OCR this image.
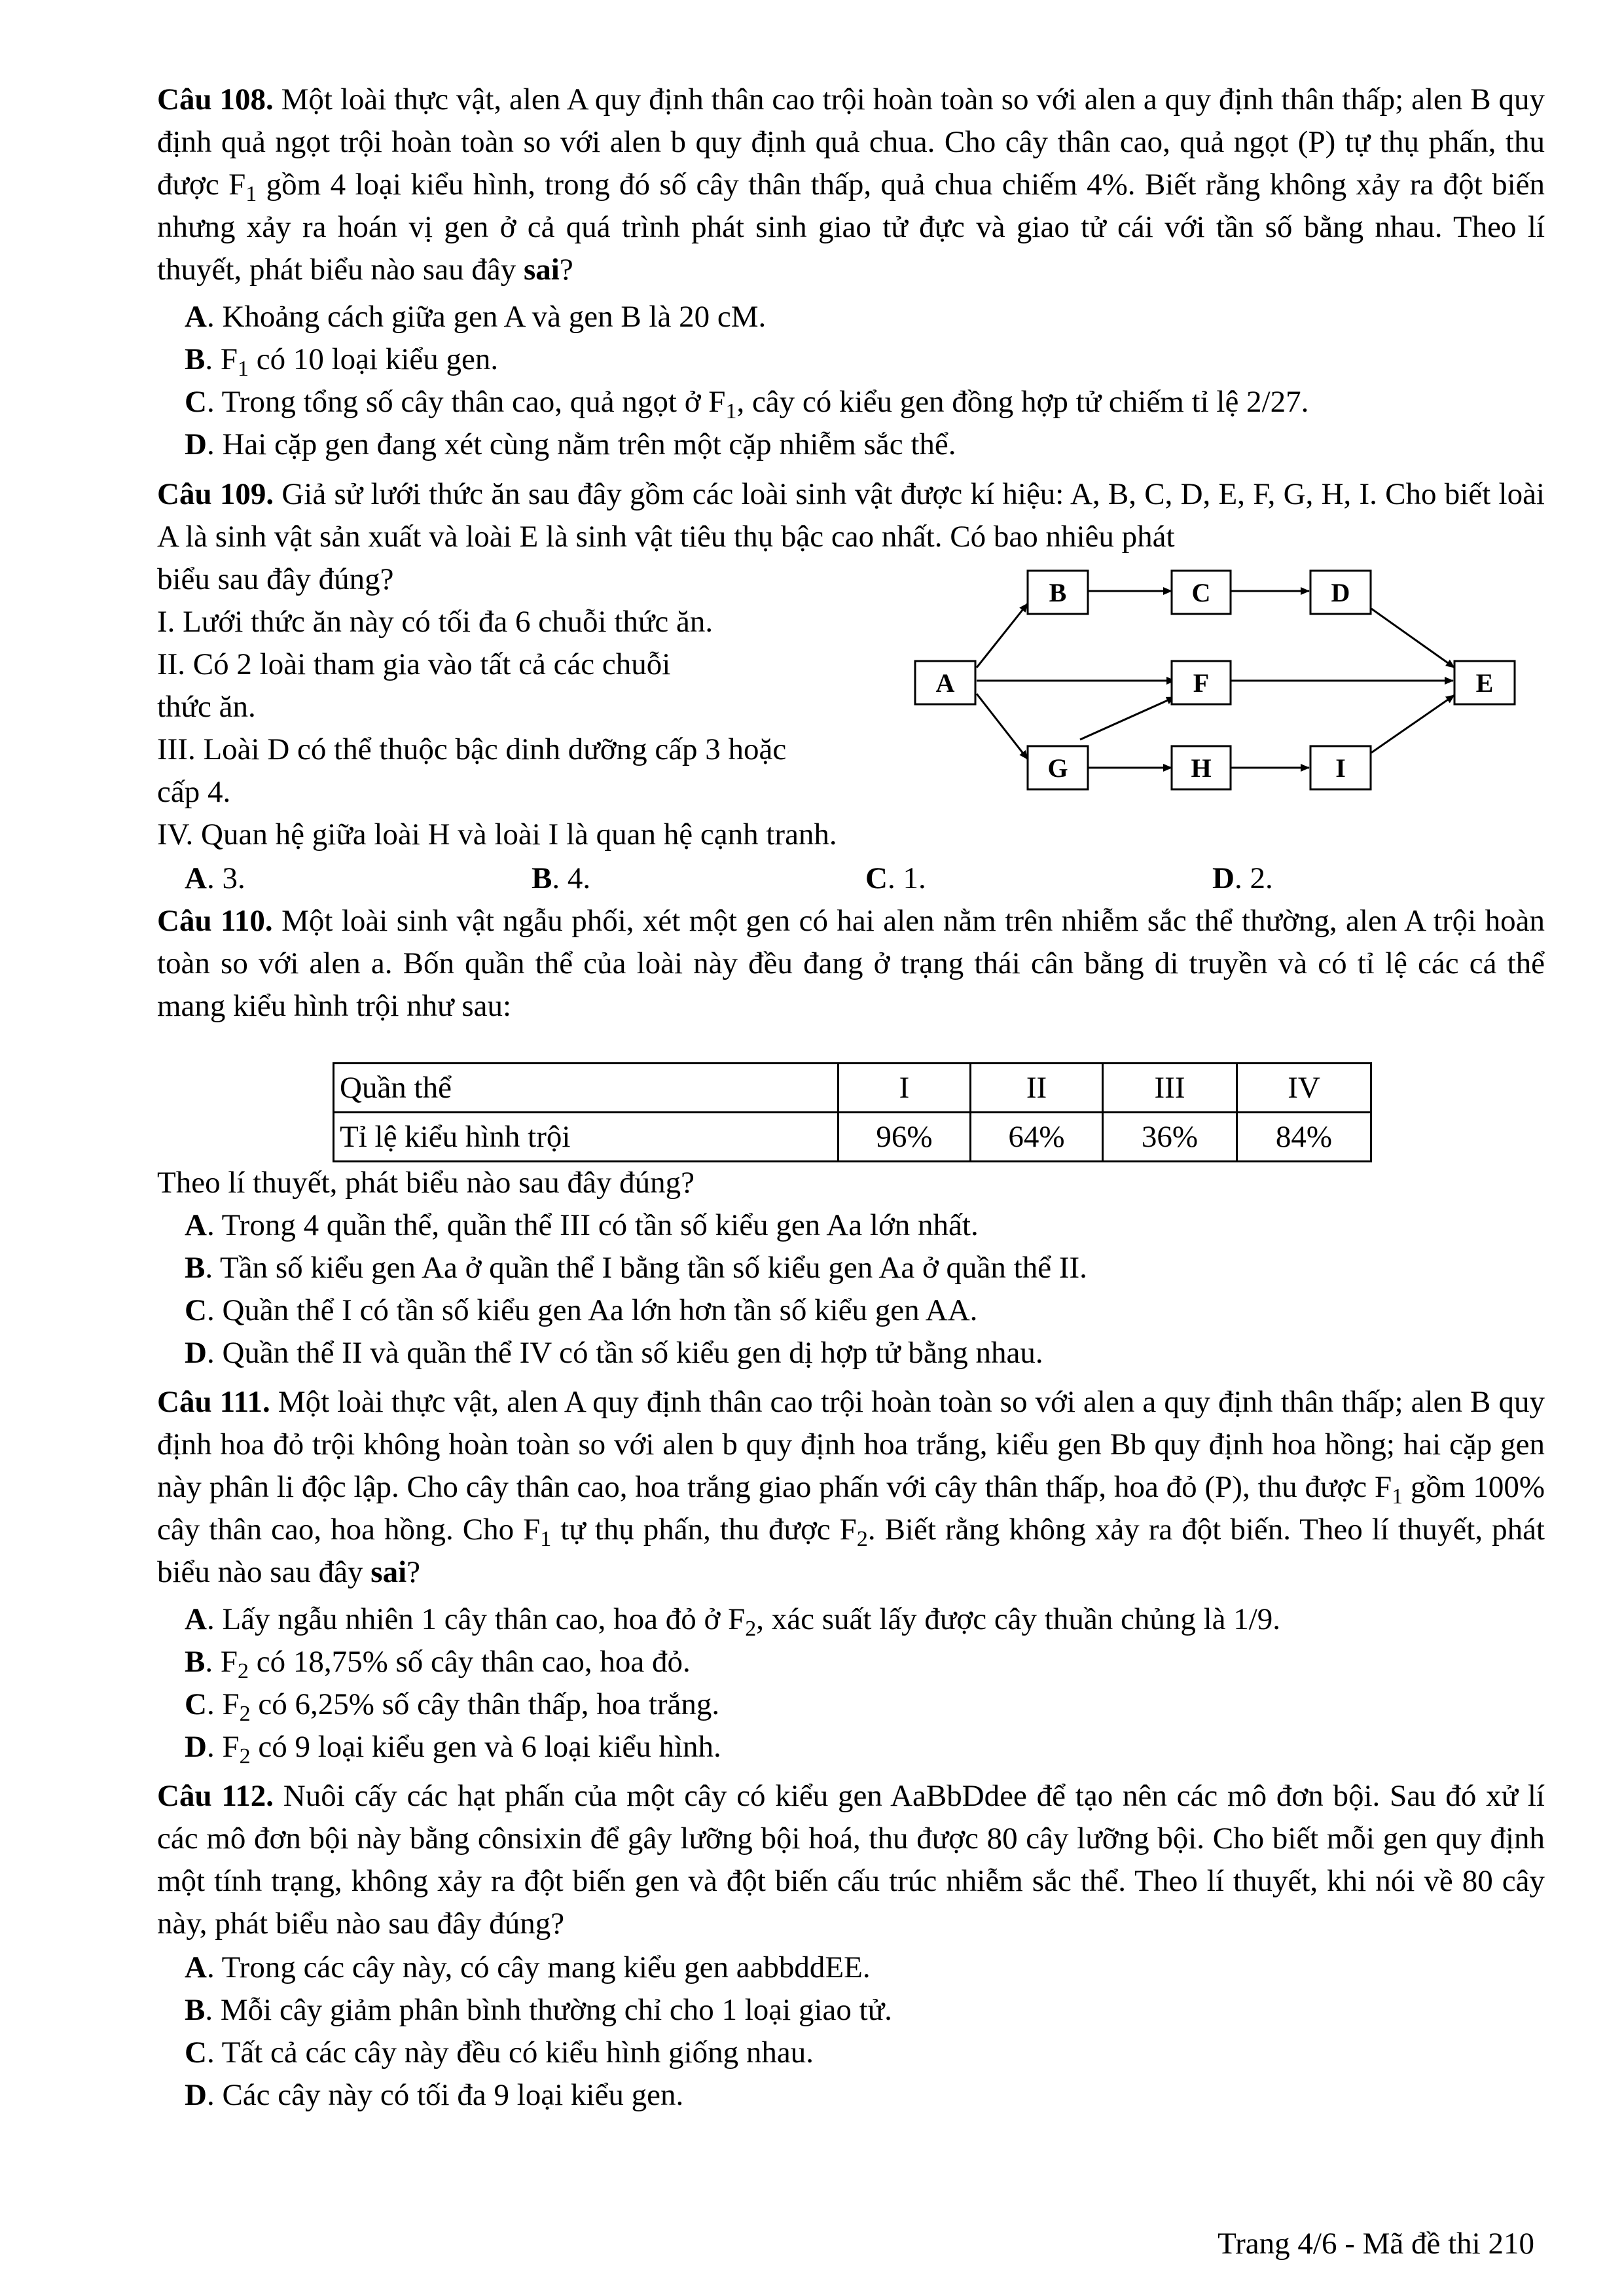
Câu 108. Một loài thực vật, alen A quy định thân cao trội hoàn toàn so với alen a quy định thân thấp; alen B quy định quả ngọt trội hoàn toàn so với alen b quy định quả chua. Cho cây thân cao, quả ngọt (P) tự thụ phấn, thu được $F_1$ gồm 4 loại kiểu hình, trong đó số cây thân thấp, quả chua chiếm 4%. Biết rằng không xảy ra đột biến nhưng xảy ra hoán vị gen ở cả quá trình phát sinh giao tử đực và giao tử cái với tần số bằng nhau. Theo lí thuyết, phát biểu nào sau đây sai?
A. Khoảng cách giữa gen A và gen B là 20 cM.
B. $F_1$ có 10 loại kiểu gen.
C. Trong tổng số cây thân cao, quả ngọt ở $F_1$, cây có kiểu gen đồng hợp tử chiếm tỉ lệ 2/27.
D. Hai cặp gen đang xét cùng nằm trên một cặp nhiễm sắc thể.
Câu 109. Giả sử lưới thức ăn sau đây gồm các loài sinh vật được kí hiệu: A, B, C, D, E, F, G, H, I. Cho biết loài A là sinh vật sản xuất và loài E là sinh vật tiêu thụ bậc cao nhất. Có bao nhiêu phát
biểu sau đây đúng?
I. Lưới thức ăn này có tối đa 6 chuỗi thức ăn.
II. Có 2 loài tham gia vào tất cả các chuỗi
thức ăn.
III. Loài D có thể thuộc bậc dinh dưỡng cấp 3 hoặc
cấp 4.
IV. Quan hệ giữa loài H và loài I là quan hệ cạnh tranh.
A. 3.	B. 4.	C. 1.	D. 2.
A
B	C	D
F	E
G	H	I
Câu 110. Một loài sinh vật ngẫu phối, xét một gen có hai alen nằm trên nhiễm sắc thể thường, alen A trội hoàn toàn so với alen a. Bốn quần thể của loài này đều đang ở trạng thái cân bằng di truyền và có tỉ lệ các cá thể mang kiểu hình trội như sau:
Quần thể	I	II	III	IV
Tỉ lệ kiểu hình trội	96%	64%	36%	84%
Theo lí thuyết, phát biểu nào sau đây đúng?
A. Trong 4 quần thể, quần thể III có tần số kiểu gen Aa lớn nhất.
B. Tần số kiểu gen Aa ở quần thể I bằng tần số kiểu gen Aa ở quần thể II.
C. Quần thể I có tần số kiểu gen Aa lớn hơn tần số kiểu gen AA.
D. Quần thể II và quần thể IV có tần số kiểu gen dị hợp tử bằng nhau.
Câu 111. Một loài thực vật, alen A quy định thân cao trội hoàn toàn so với alen a quy định thân thấp; alen B quy định hoa đỏ trội không hoàn toàn so với alen b quy định hoa trắng, kiểu gen Bb quy định hoa hồng; hai cặp gen này phân li độc lập. Cho cây thân cao, hoa trắng giao phấn với cây thân thấp, hoa đỏ (P), thu được $F_1$ gồm 100% cây thân cao, hoa hồng. Cho $F_1$ tự thụ phấn, thu được $F_2$. Biết rằng không xảy ra đột biến. Theo lí thuyết, phát biểu nào sau đây sai?
A. Lấy ngẫu nhiên 1 cây thân cao, hoa đỏ ở $F_2$, xác suất lấy được cây thuần chủng là 1/9.
B. $F_2$ có 18,75% số cây thân cao, hoa đỏ.
C. $F_2$ có 6,25% số cây thân thấp, hoa trắng.
D. $F_2$ có 9 loại kiểu gen và 6 loại kiểu hình.
Câu 112. Nuôi cấy các hạt phấn của một cây có kiểu gen AaBbDdee để tạo nên các mô đơn bội. Sau đó xử lí các mô đơn bội này bằng cônsixin để gây lưỡng bội hoá, thu được 80 cây lưỡng bội. Cho biết mỗi gen quy định một tính trạng, không xảy ra đột biến gen và đột biến cấu trúc nhiễm sắc thể. Theo lí thuyết, khi nói về 80 cây này, phát biểu nào sau đây đúng?
A. Trong các cây này, có cây mang kiểu gen aabbddEE.
B. Mỗi cây giảm phân bình thường chỉ cho 1 loại giao tử.
C. Tất cả các cây này đều có kiểu hình giống nhau.
D. Các cây này có tối đa 9 loại kiểu gen.
Trang 4/6 - Mã đề thi 210
